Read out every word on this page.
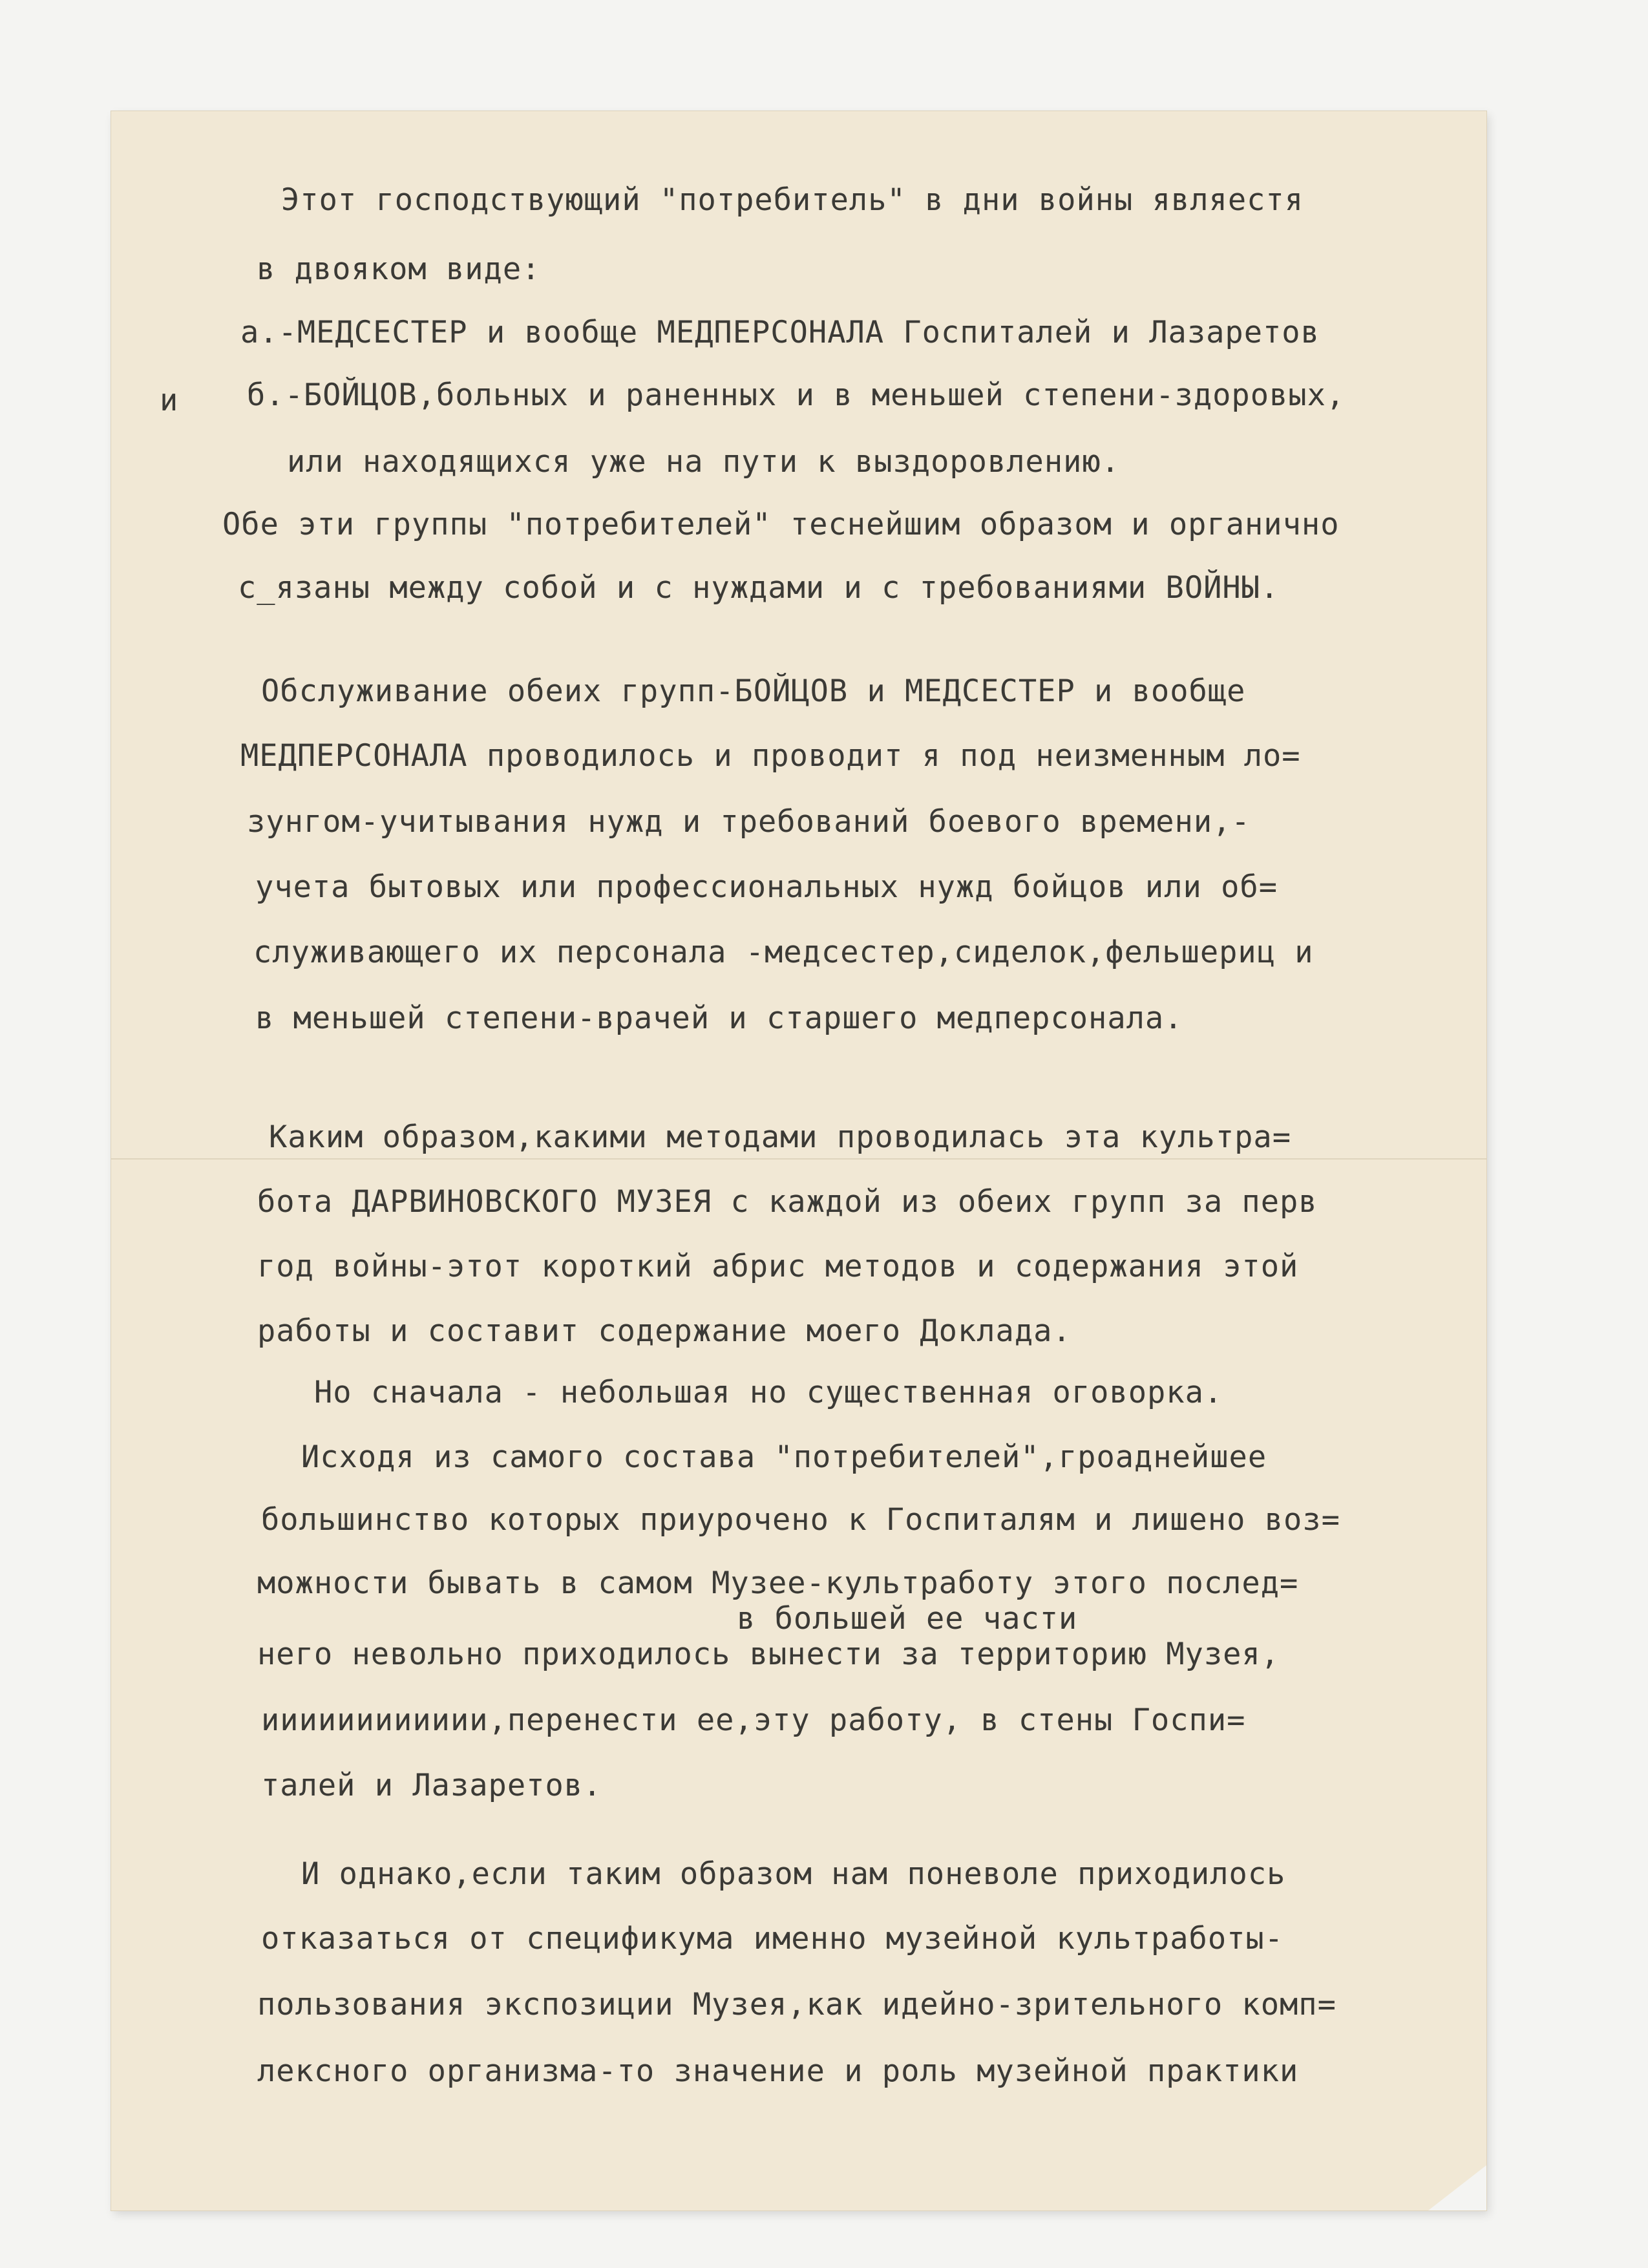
Этот господствующий "потребитель" в дни войны являестя
в двояком виде:
а.-МЕДСЕСТЕР и вообще МЕДПЕРСОНАЛА Госпиталей и Лазаретов
и б.-БОЙЦОВ,больных и раненных и в меньшей степени-здоровых,
или находящихся уже на пути к выздоровлению.
Обе эти группы "потребителей" теснейшим образом и органично
с_язаны между собой и с нуждами и с требованиями ВОЙНЫ.
Обслуживание обеих групп-БОЙЦОВ и МЕДСЕСТЕР и вообще
МЕДПЕРСОНАЛА проводилось и проводит я под неизменным ло=
зунгом-учитывания нужд и требований боевого времени,-
учета бытовых или профессиональных нужд бойцов или об=
служивающего их персонала -медсестер,сиделок,фельшериц и
в меньшей степени-врачей и старшего медперсонала.
Каким образом,какими методами проводилась эта культра=
бота ДАРВИНОВСКОГО МУЗЕЯ с каждой из обеих групп за перв
год войны-этот короткий абрис методов и содержания этой
работы и составит содержание моего Доклада.
Но сначала - небольшая но существенная оговорка.
Исходя из самого состава "потребителей",гроаднейшее
большинство которых приурочено к Госпиталям и лишено воз=
можности бывать в самом Музее-культработу этого послед=
в большей ее части
него невольно приходилось вынести за территорию Музея,
ииииииииииии,перенести ее,эту работу, в стены Госпи=
талей и Лазаретов.
И однако,если таким образом нам поневоле приходилось
отказаться от спецификума именно музейной культработы-
пользования экспозиции Музея,как идейно-зрительного комп=
лексного организма-то значение и роль музейной практики
